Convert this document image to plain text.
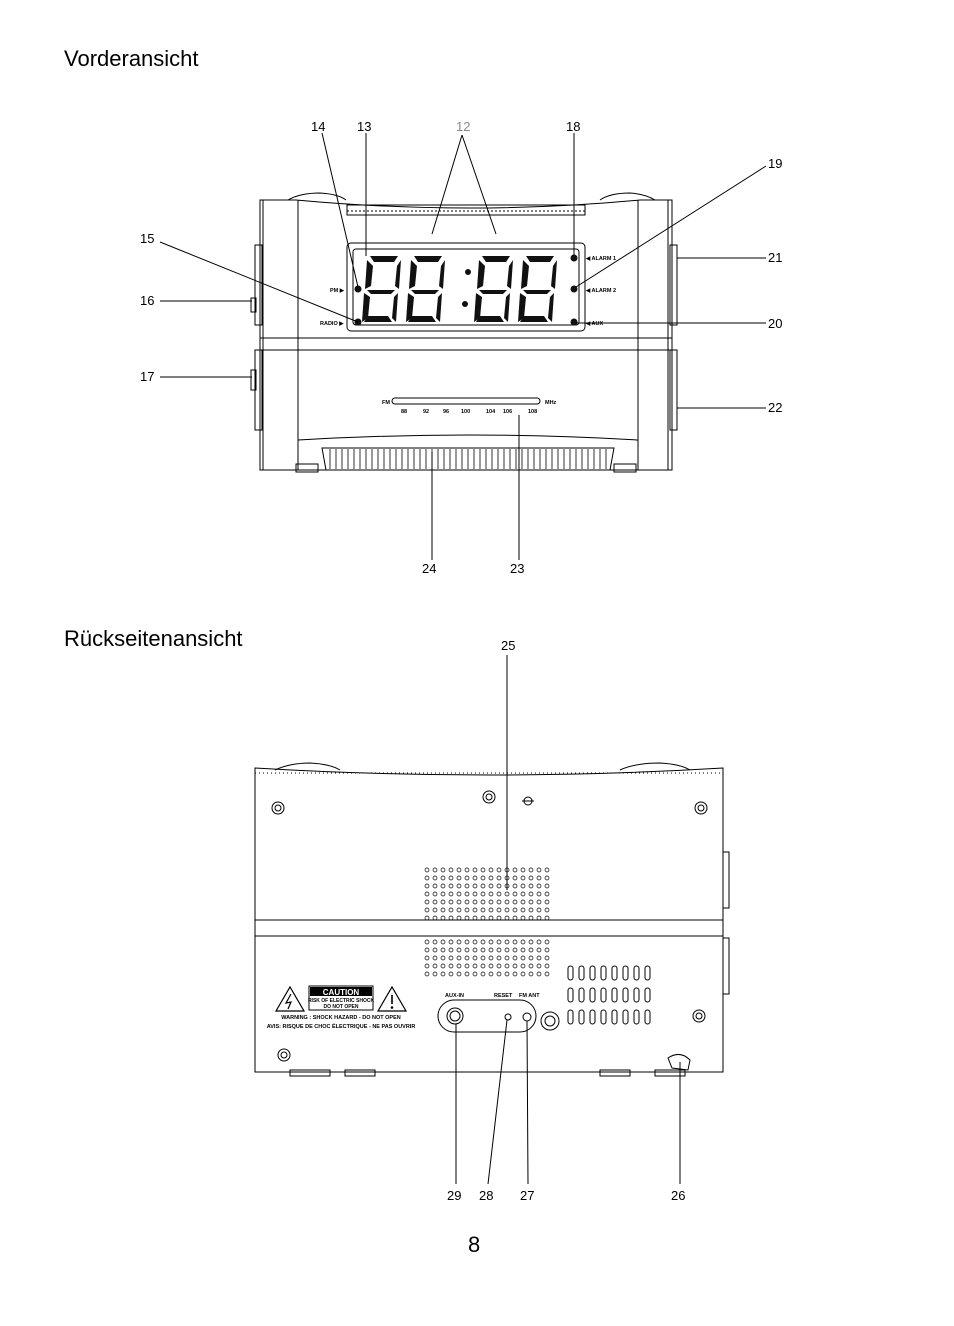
Vorderansicht
Rückseitenansicht
8
PM ▶
RADIO ▶
◀ ALARM 1
◀ ALARM 2
◀ AUX
FM	MHz
88	92	96 100	104 106	108
14 13	12	18
19
15
21
16
20
17
22
24	23
CAUTION
RISK OF ELECTRIC SHOCK
DO NOT OPEN
WARNING : SHOCK HAZARD - DO NOT OPEN
AVIS: RISQUE DE CHOC ÉLECTRIQUE - NE PAS OUVRIR
AUX-IN	RESET FM ANT
25
29 28 27	26
